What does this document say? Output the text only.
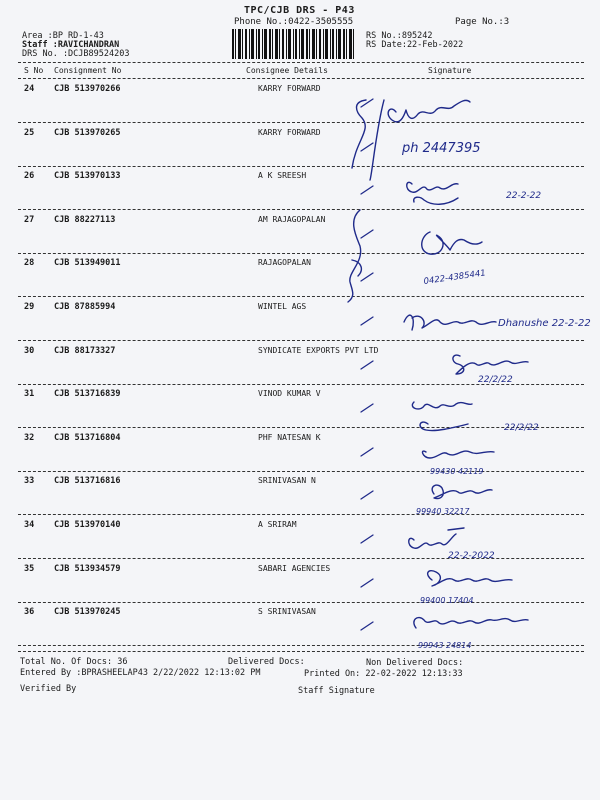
TPC/CJB DRS - P43
Phone No.:0422-3505555	Page No.:3
Area :BP RD-1-43
Staff :RAVICHANDRAN
DRS No. :DCJB89524203
RS No.:895242
RS Date:22-Feb-2022
S No Consignment No	Consignee Details	Signature
24 CJB 513970266	KARRY FORWARD
25 CJB 513970265	KARRY FORWARD
26 CJB 513970133	A K SREESH
27 CJB 88227113	AM RAJAGOPALAN
28 CJB 513949011	RAJAGOPALAN
29 CJB 87885994	WINTEL AGS
30 CJB 88173327	SYNDICATE EXPORTS PVT LTD
31 CJB 513716839	VINOD KUMAR V
32 CJB 513716804	PHF NATESAN K
33 CJB 513716816	SRINIVASAN N
34 CJB 513970140	A SRIRAM
35 CJB 513934579	SABARI AGENCIES
36 CJB 513970245	S SRINIVASAN
Total No. Of Docs: 36	Delivered Docs:	Non Delivered Docs:
Entered By :BPRASHEELAP43 2/22/2022 12:13:02 PM	Printed On: 22-02-2022 12:13:33
Verified By	Staff Signature
ph 2447395
22-2-22
0422-4385441
Dhanushe 22-2-22
22/2/22
22/2/22
99430 42119
99940 32217
22-2-2022
99400 17404
99943 24814
